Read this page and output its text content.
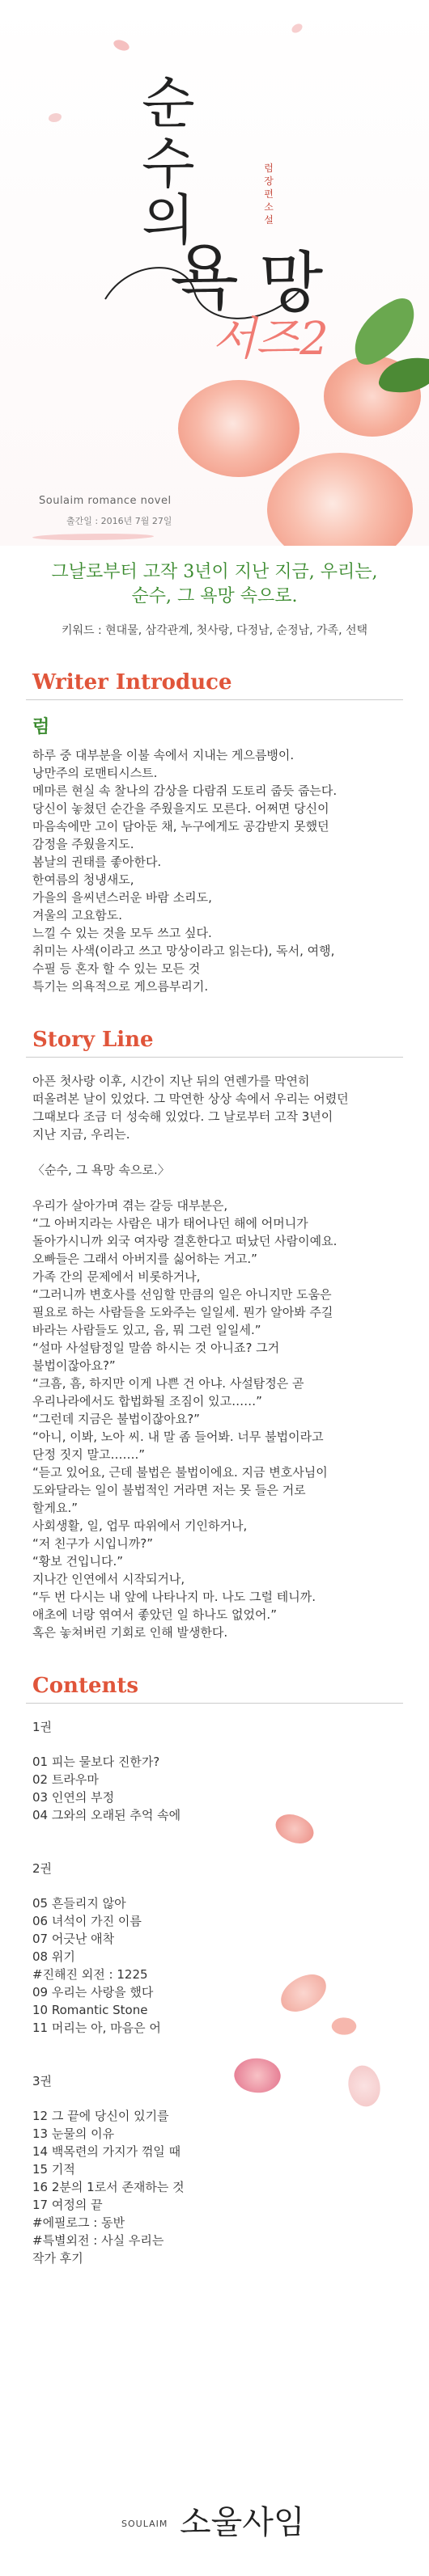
순
수
의
럼 장편소설
욕 망
서즈2
Soulaim romance novel
출간일 : 2016년 7월 27일
그날로부터 고작 3년이 지난 지금, 우리는,
순수, 그 욕망 속으로.
키워드 : 현대물, 삼각관계, 첫사랑, 다정남, 순정남, 가족, 선택
Writer Introduce
럼

하루 중 대부분을 이불 속에서 지내는 게으름뱅이.

낭만주의 로맨티시스트.

메마른 현실 속 찰나의 감상을 다람쥐 도토리 줍듯 줍는다.

당신이 놓쳤던 순간을 주웠을지도 모른다. 어쩌면 당신이

마음속에만 고이 담아둔 채, 누구에게도 공감받지 못했던

감정을 주웠을지도.

봄날의 권태를 좋아한다.

한여름의 청냉새도,

가을의 을씨년스러운 바람 소리도,

겨울의 고요함도.

느낄 수 있는 것을 모두 쓰고 싶다.

취미는 사색(이라고 쓰고 망상이라고 읽는다), 독서, 여행,

수필 등 혼자 할 수 있는 모든 것

특기는 의욕적으로 게으름부리기.

Story Line

아픈 첫사랑 이후, 시간이 지난 뒤의 연렌가를 막연히

떠올려본 날이 있었다. 그 막연한 상상 속에서 우리는 어렸던

그때보다 조금 더 성숙해 있었다. 그 날로부터 고작 3년이

지난 지금, 우리는.

〈순수, 그 욕망 속으로.〉

우리가 살아가며 겪는 갈등 대부분은,

“그 아버지라는 사람은 내가 태어나던 해에 어머니가

돌아가시니까 외국 여자랑 결혼한다고 떠났던 사람이예요.

오빠들은 그래서 아버지를 싫어하는 거고.”

가족 간의 문제에서 비롯하거나,

“그러니까 변호사를 선임할 만큼의 일은 아니지만 도움은

필요로 하는 사람들을 도와주는 일일세. 뭔가 알아봐 주길

바라는 사람들도 있고, 음, 뭐 그런 일일세.”

“설마 사설탐정일 말씀 하시는 것 아니죠? 그거

불법이잖아요?”

“크흠, 흠, 하지만 이게 나쁜 건 아냐. 사설탐정은 곧

우리나라에서도 합법화될 조짐이 있고……”

“그런데 지금은 불법이잖아요?”

“아니, 이봐, 노아 씨. 내 말 좀 들어봐. 너무 불법이라고

단정 짓지 말고…….”

“듣고 있어요, 근데 불법은 불법이에요. 지금 변호사님이

도와달라는 일이 불법적인 거라면 저는 못 들은 거로

할게요.”

사회생활, 일, 업무 따위에서 기인하거나,

“저 친구가 시입니까?”

“황보 건입니다.”

지나간 인연에서 시작되거나,

“두 번 다시는 내 앞에 나타나지 마. 나도 그럴 테니까.

애초에 너랑 엮여서 좋았던 일 하나도 없었어.”

혹은 놓쳐버린 기회로 인해 발생한다.

Contents
1권

01 피는 물보다 진한가?

02 트라우마

03 인연의 부정

04 그와의 오래된 추억 속에

2권

05 흔들리지 않아

06 녀석이 가진 이름

07 어긋난 애착

08 위기

#진해진 외전 : 1225

09 우리는 사랑을 했다

10 Romantic Stone

11 머리는 아, 마음은 어

3권

12 그 끝에 당신이 있기를

13 눈물의 이유

14 백목련의 가지가 꺾일 때

15 기적

16 2분의 1로서 존재하는 것

17 여정의 끝

#에필로그 : 동반

#특별외전 : 사실 우리는

작가 후기

SOULAIM 소울사임
